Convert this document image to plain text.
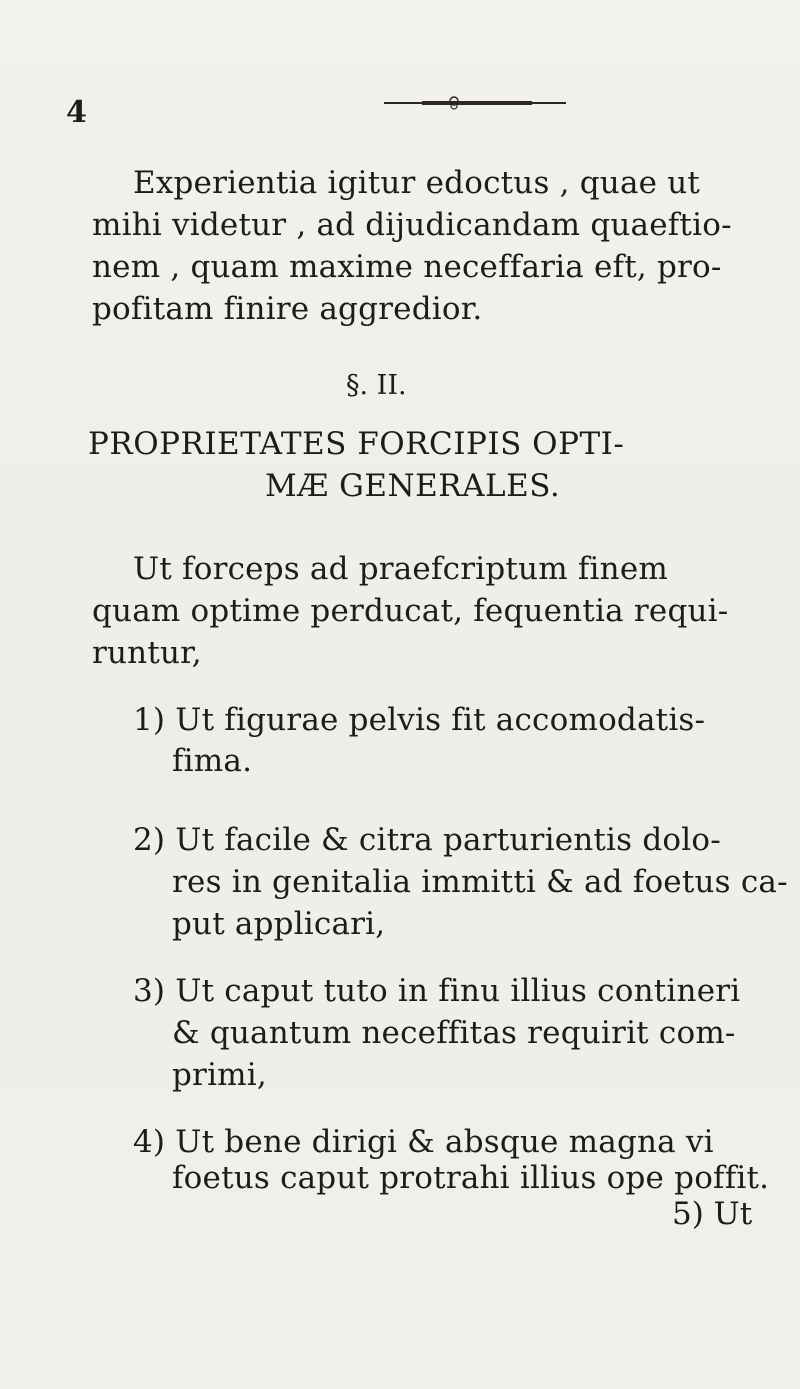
4
Experientia igitur edoctus , quae ut
mihi videtur , ad dijudicandam quaeftio-
nem , quam maxime neceffaria eft, pro-
pofitam finire aggredior.
§. II.
PROPRIETATES FORCIPIS OPTI-
MÆ GENERALES.
Ut forceps ad praefcriptum finem
quam optime perducat, fequentia requi-
runtur,
1) Ut figurae pelvis fit accomodatis-
fima.
2) Ut facile & citra parturientis dolo-
res in genitalia immitti & ad foetus ca-
put applicari,
3) Ut caput tuto in finu illius contineri
& quantum neceffitas requirit com-
primi,
4) Ut bene dirigi & absque magna vi
foetus caput protrahi illius ope poffit.
5) Ut
